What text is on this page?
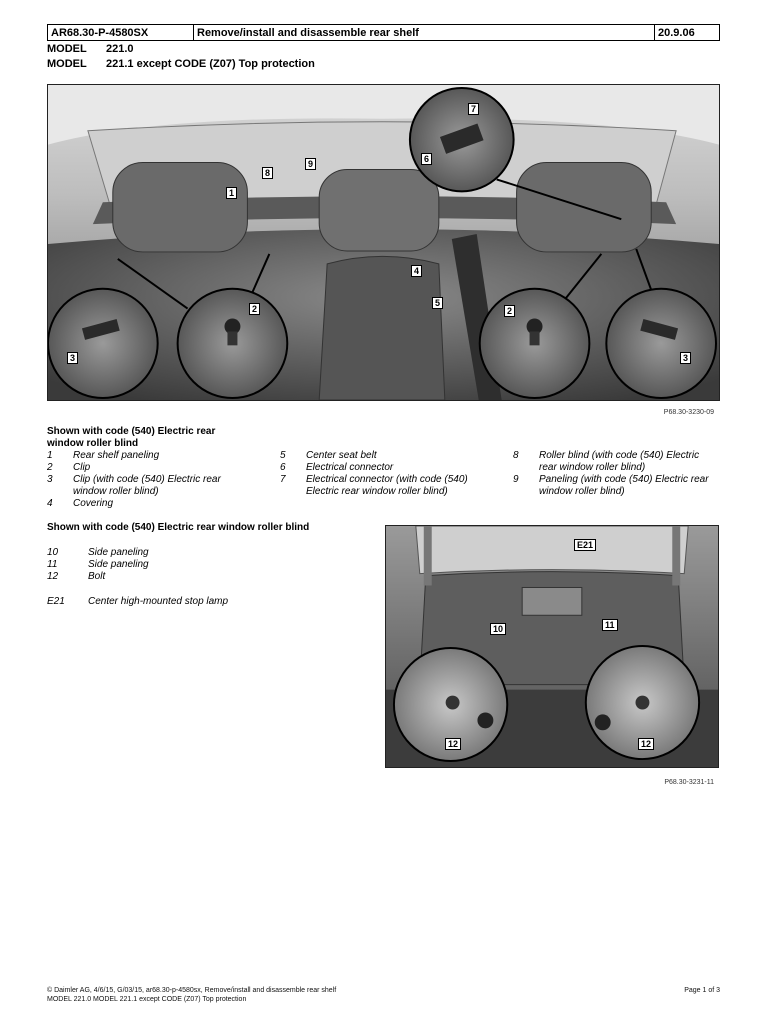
AR68.30-P-4580SX	Remove/install and disassemble rear shelf	20.9.06
MODEL 221.0
MODEL 221.1 except CODE (Z07) Top protection
1
2
3
4
5
6
7
8
9
2
3
P68.30-3230-09
Shown with code (540) Electric rear window roller blind
1	Rear shelf paneling
2	Clip
3	Clip (with code (540) Electric rear window roller blind)
4	Covering
5	Center seat belt
6	Electrical connector
7	Electrical connector (with code (540) Electric rear window roller blind)
8	Roller blind (with code (540) Electric rear window roller blind)
9	Paneling (with code (540) Electric rear window roller blind)
Shown with code (540) Electric rear window roller blind
10	Side paneling
11	Side paneling
12	Bolt
E21	Center high-mounted stop lamp
E21
10	11
12	12
P68.30-3231-11
© Daimler AG, 4/6/15, G/03/15, ar68.30-p-4580sx, Remove/install and disassemble rear shelf
MODEL 221.0 MODEL 221.1 except CODE (Z07) Top protection
Page 1 of 3
